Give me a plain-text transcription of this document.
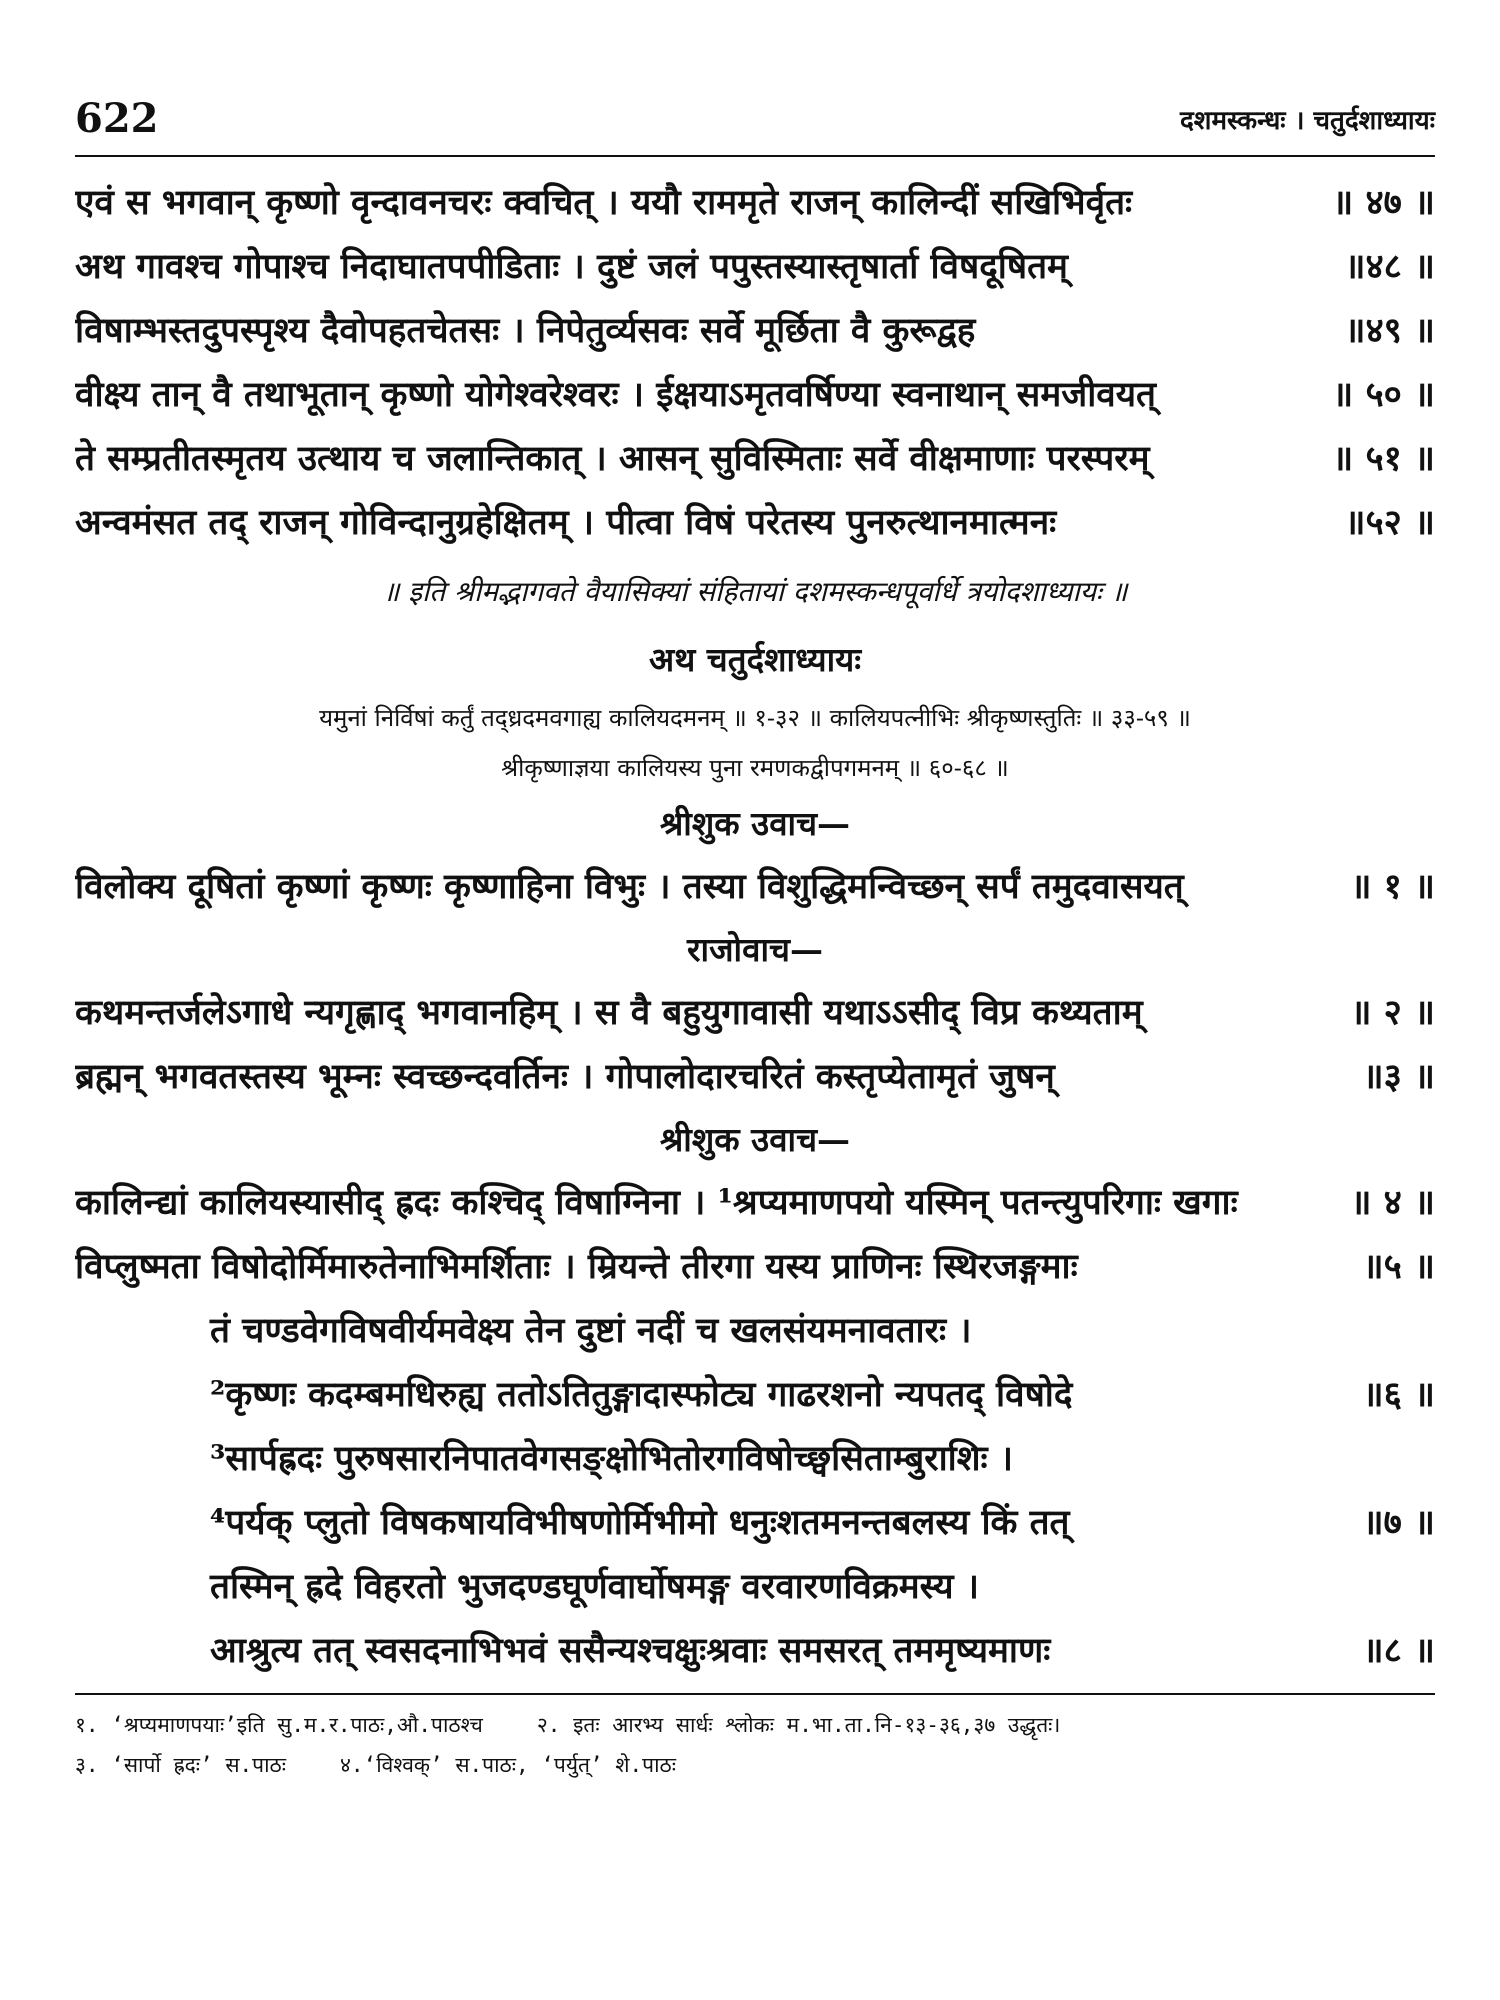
622	दशमस्कन्धः । चतुर्दशाध्यायः
एवं स भगवान् कृष्णो वृन्दावनचरः क्वचित् । ययौ राममृते राजन् कालिन्दीं सखिभिर्वृतः	॥ ४७ ॥
अथ गावश्च गोपाश्च निदाघातपपीडिताः । दुष्टं जलं पपुस्तस्यास्तृषार्ता विषदूषितम्	॥४८ ॥
विषाम्भस्तदुपस्पृश्य दैवोपहतचेतसः । निपेतुर्व्यसवः सर्वे मूर्छिता वै कुरूद्वह	॥४९ ॥
वीक्ष्य तान् वै तथाभूतान् कृष्णो योगेश्वरेश्वरः । ईक्षयाऽमृतवर्षिण्या स्वनाथान् समजीवयत्	॥ ५० ॥
ते सम्प्रतीतस्मृतय उत्थाय च जलान्तिकात् । आसन् सुविस्मिताः सर्वे वीक्षमाणाः परस्परम्	॥ ५१ ॥
अन्वमंसत तद् राजन् गोविन्दानुग्रहेक्षितम् । पीत्वा विषं परेतस्य पुनरुत्थानमात्मनः	॥५२ ॥
॥ इति श्रीमद्भागवते वैयासिक्यां संहितायां दशमस्कन्धपूर्वार्धे त्रयोदशाध्यायः ॥
अथ चतुर्दशाध्यायः
यमुनां निर्विषां कर्तुं तद्ध्रदमवगाह्य कालियदमनम् ॥ १-३२ ॥ कालियपत्नीभिः श्रीकृष्णस्तुतिः ॥ ३३-५९ ॥
श्रीकृष्णाज्ञया कालियस्य पुना रमणकद्वीपगमनम् ॥ ६०-६८ ॥
श्रीशुक उवाच—
विलोक्य दूषितां कृष्णां कृष्णः कृष्णाहिना विभुः । तस्या विशुद्धिमन्विच्छन् सर्पं तमुदवासयत्	॥ १ ॥
राजोवाच—
कथमन्तर्जलेऽगाधे न्यगृह्णाद् भगवानहिम् । स वै बहुयुगावासी यथाऽऽसीद् विप्र कथ्यताम्	॥ २ ॥
ब्रह्मन् भगवतस्तस्य भूम्नः स्वच्छन्दवर्तिनः । गोपालोदारचरितं कस्तृप्येतामृतं जुषन्	॥३ ॥
श्रीशुक उवाच—
कालिन्द्यां कालियस्यासीद् ह्रदः कश्चिद् विषाग्निना । ¹श्रप्यमाणपयो यस्मिन् पतन्त्युपरिगाः खगाः	॥ ४ ॥
विप्लुष्मता विषोदोर्मिमारुतेनाभिमर्शिताः । म्रियन्ते तीरगा यस्य प्राणिनः स्थिरजङ्गमाः	॥५ ॥
तं चण्डवेगविषवीर्यमवेक्ष्य तेन दुष्टां नदीं च खलसंयमनावतारः ।
²कृष्णः कदम्बमधिरुह्य ततोऽतितुङ्गादास्फोट्य गाढरशनो न्यपतद् विषोदे	॥६ ॥
³सार्पह्रदः पुरुषसारनिपातवेगसङ्क्षोभितोरगविषोच्छ्वसिताम्बुराशिः ।
⁴पर्यक् प्लुतो विषकषायविभीषणोर्मिभीमो धनुःशतमनन्तबलस्य किं तत्	॥७ ॥
तस्मिन् ह्रदे विहरतो भुजदण्डघूर्णवार्घोषमङ्ग वरवारणविक्रमस्य ।
आश्रुत्य तत् स्वसदनाभिभवं ससैन्यश्चक्षुःश्रवाः समसरत् तममृष्यमाणः	॥८ ॥
१. ‘श्रप्यमाणपयाः’इति सु.म.र.पाठः,औ.पाठश्च	२. इतः आरभ्य सार्धः श्लोकः म.भा.ता.नि-१३-३६,३७ उद्धृतः।
३. ‘सार्पो ह्रदः’ स.पाठः	४.‘विश्वक्’ स.पाठः, ‘पर्युत्’ शे.पाठः
